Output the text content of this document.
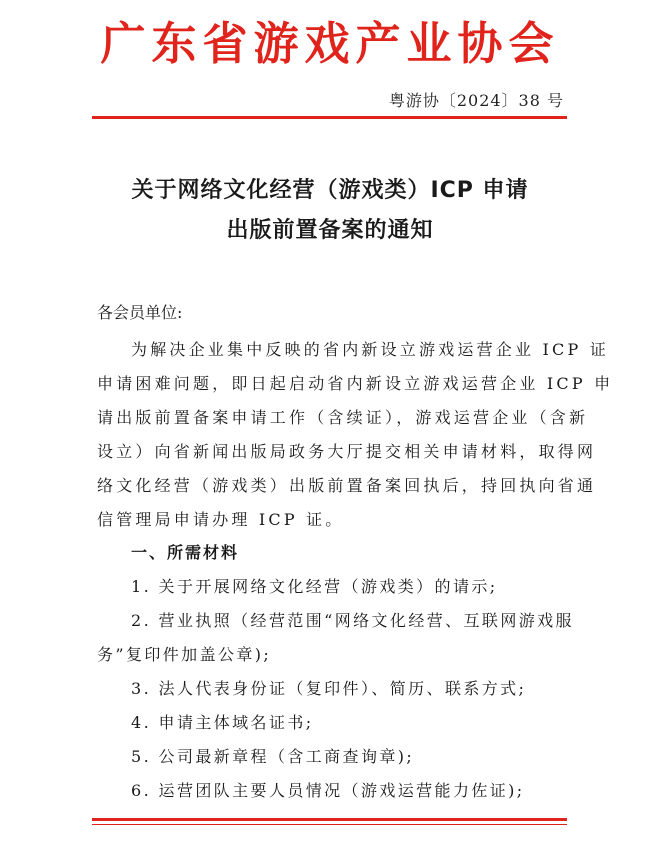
广东省游戏产业协会
粤游协〔2024〕38 号
关于网络文化经营（游戏类）ICP 申请
出版前置备案的通知
各会员单位:
为解决企业集中反映的省内新设立游戏运营企业 ICP 证
申请困难问题，即日起启动省内新设立游戏运营企业 ICP 申
请出版前置备案申请工作（含续证），游戏运营企业（含新
设立）向省新闻出版局政务大厅提交相关申请材料，取得网
络文化经营（游戏类）出版前置备案回执后，持回执向省通
信管理局申请办理 ICP 证。
一、所需材料
1. 关于开展网络文化经营（游戏类）的请示;
2. 营业执照（经营范围“网络文化经营、互联网游戏服
务”复印件加盖公章);
3. 法人代表身份证（复印件）、简历、联系方式;
4. 申请主体域名证书;
5. 公司最新章程（含工商查询章);
6. 运营团队主要人员情况（游戏运营能力佐证);
